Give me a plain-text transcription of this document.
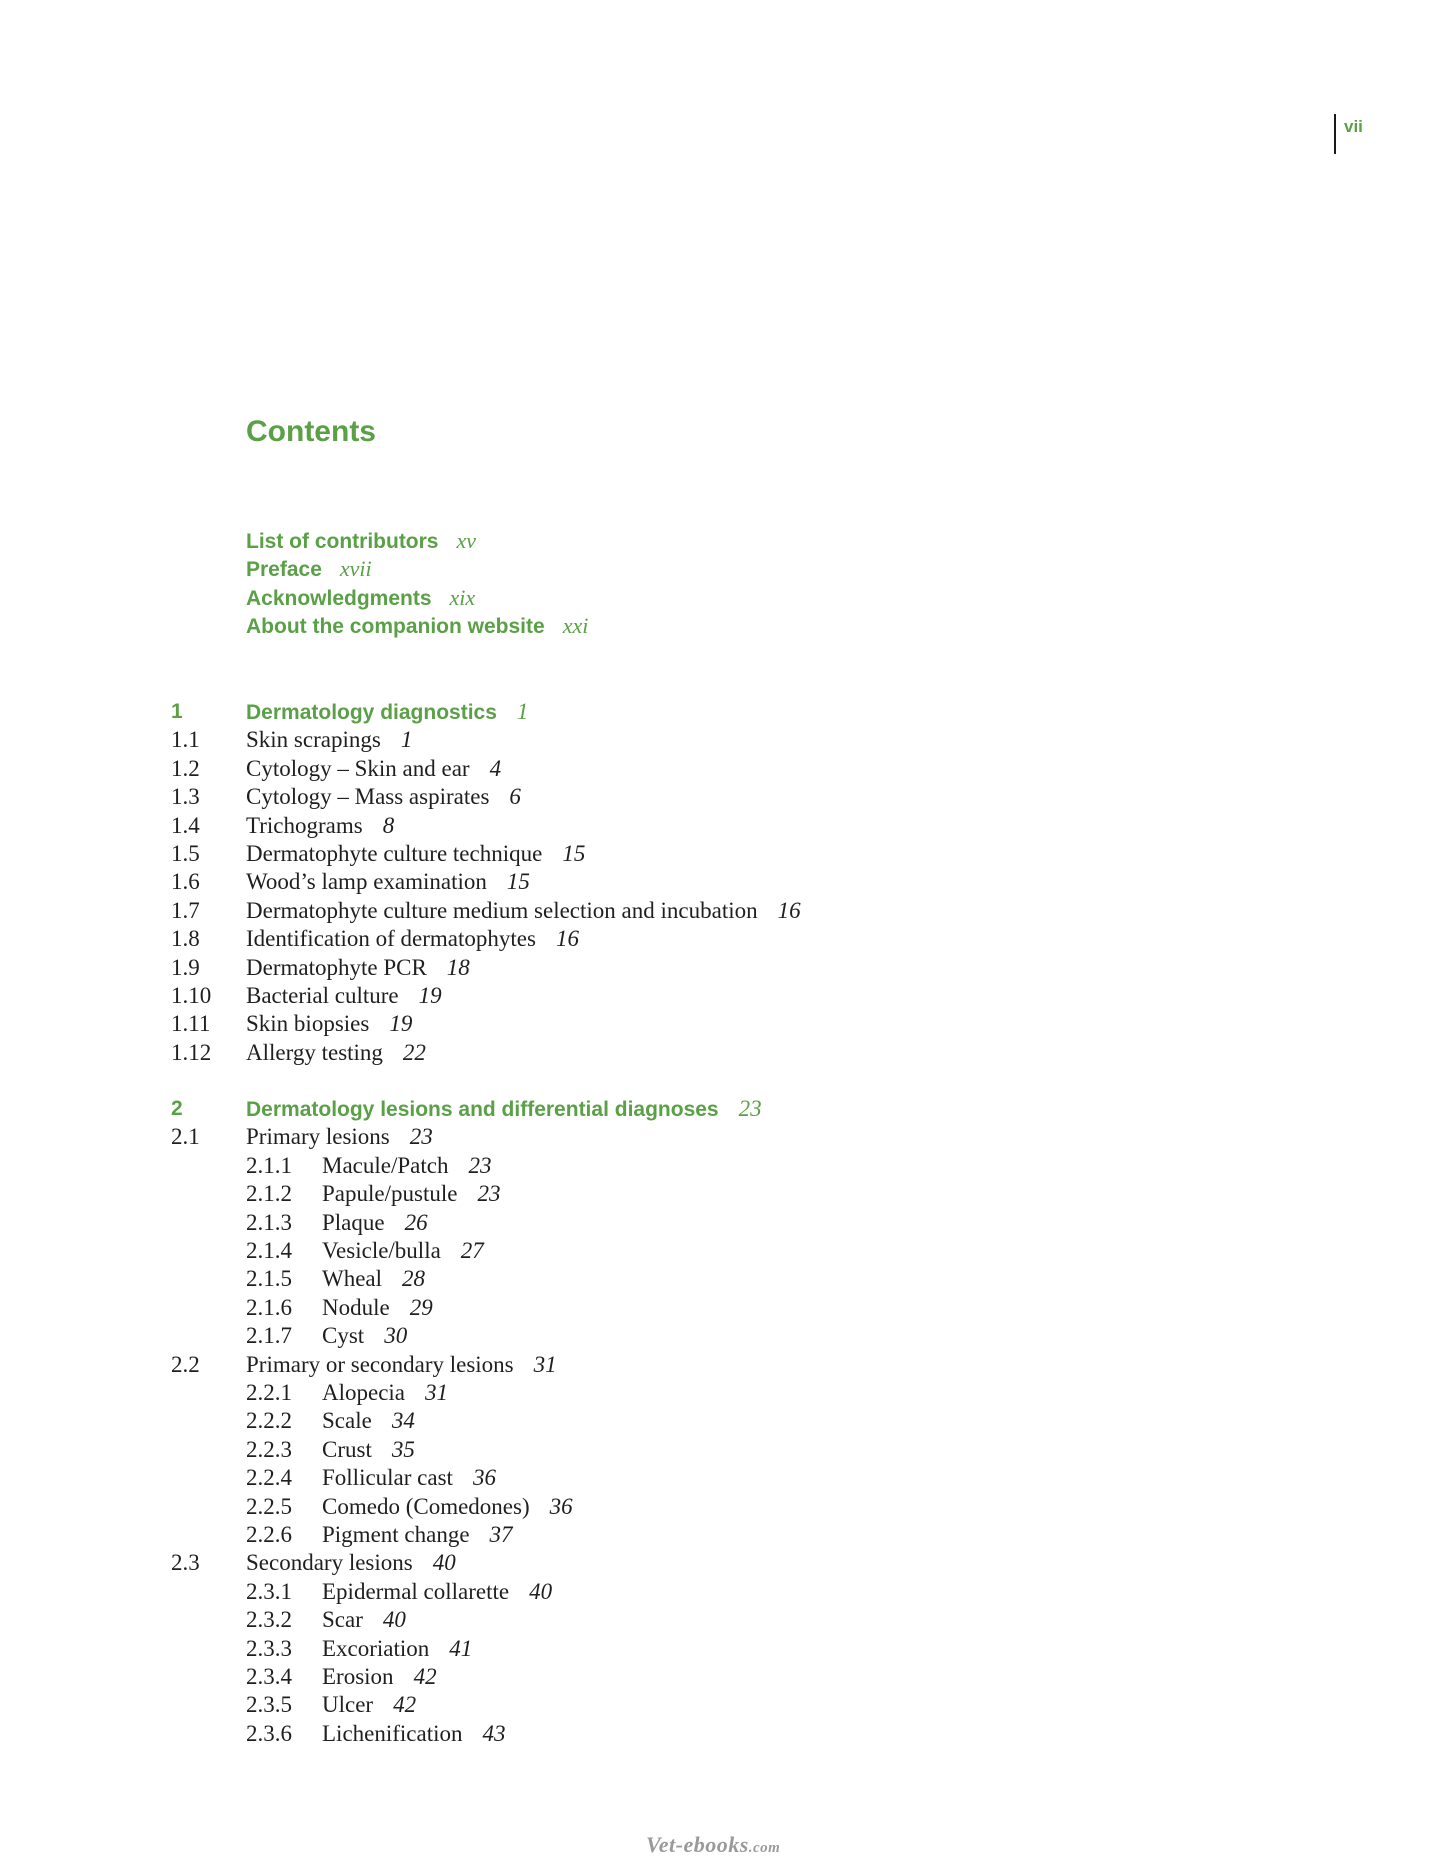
vii
Contents
List of contributors xv
Preface xvii
Acknowledgments xix
About the companion website xxi
1	Dermatology diagnostics 1
1.1 Skin scrapings 1
1.2 Cytology – Skin and ear 4
1.3 Cytology – Mass aspirates 6
1.4 Trichograms 8
1.5 Dermatophyte culture technique 15
1.6 Wood’s lamp examination 15
1.7 Dermatophyte culture medium selection and incubation 16
1.8 Identification of dermatophytes 16
1.9 Dermatophyte PCR 18
1.10 Bacterial culture 19
1.11 Skin biopsies 19
1.12 Allergy testing 22
2	Dermatology lesions and differential diagnoses 23
2.1 Primary lesions 23
2.1.1 Macule/Patch 23
2.1.2 Papule/pustule 23
2.1.3 Plaque 26
2.1.4 Vesicle/bulla 27
2.1.5 Wheal 28
2.1.6 Nodule 29
2.1.7 Cyst 30
2.2 Primary or secondary lesions 31
2.2.1 Alopecia 31
2.2.2 Scale 34
2.2.3 Crust 35
2.2.4 Follicular cast 36
2.2.5 Comedo (Comedones) 36
2.2.6 Pigment change 37
2.3 Secondary lesions 40
2.3.1 Epidermal collarette 40
2.3.2 Scar 40
2.3.3 Excoriation 41
2.3.4 Erosion 42
2.3.5 Ulcer 42
2.3.6 Lichenification 43
Vet-ebooks.com
